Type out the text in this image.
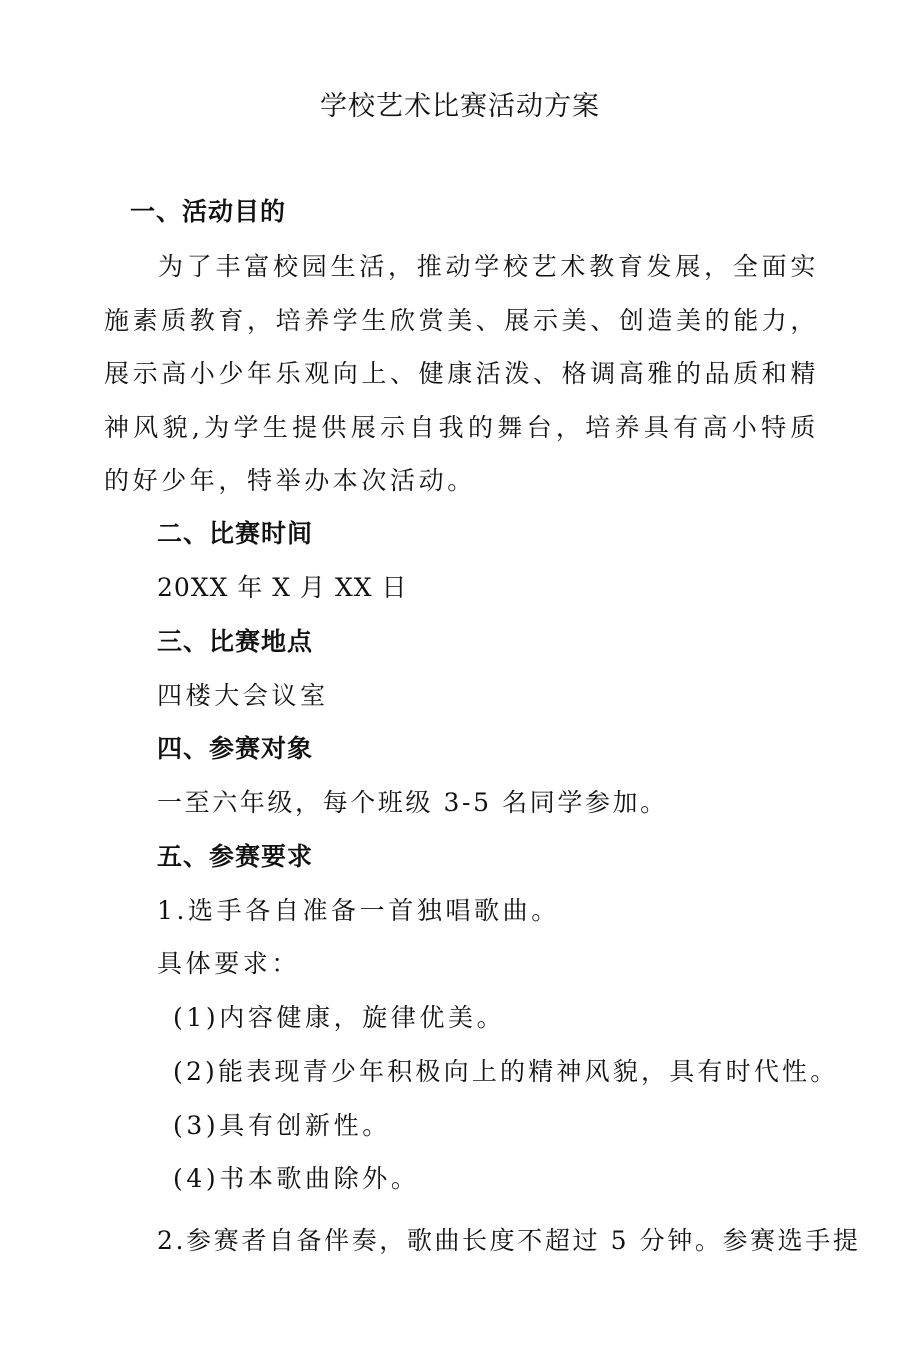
学校艺术比赛活动方案
一、活动目的

为了丰富校园生活，推动学校艺术教育发展，全面实施素质教育，培养学生欣赏美、展示美、创造美的能力，展示高小少年乐观向上、健康活泼、格调高雅的品质和精神风貌,为学生提供展示自我的舞台，培养具有高小特质的好少年，特举办本次活动。

二、比赛时间

20XX 年 X 月 XX 日

三、比赛地点

四楼大会议室

四、参赛对象

一至六年级，每个班级 3-5 名同学参加。

五、参赛要求

1.选手各自准备一首独唱歌曲。

具体要求：

(1)内容健康，旋律优美。

(2)能表现青少年积极向上的精神风貌，具有时代性。

(3)具有创新性。

(4)书本歌曲除外。

2.参赛者自备伴奏，歌曲长度不超过 5 分钟。参赛选手提
